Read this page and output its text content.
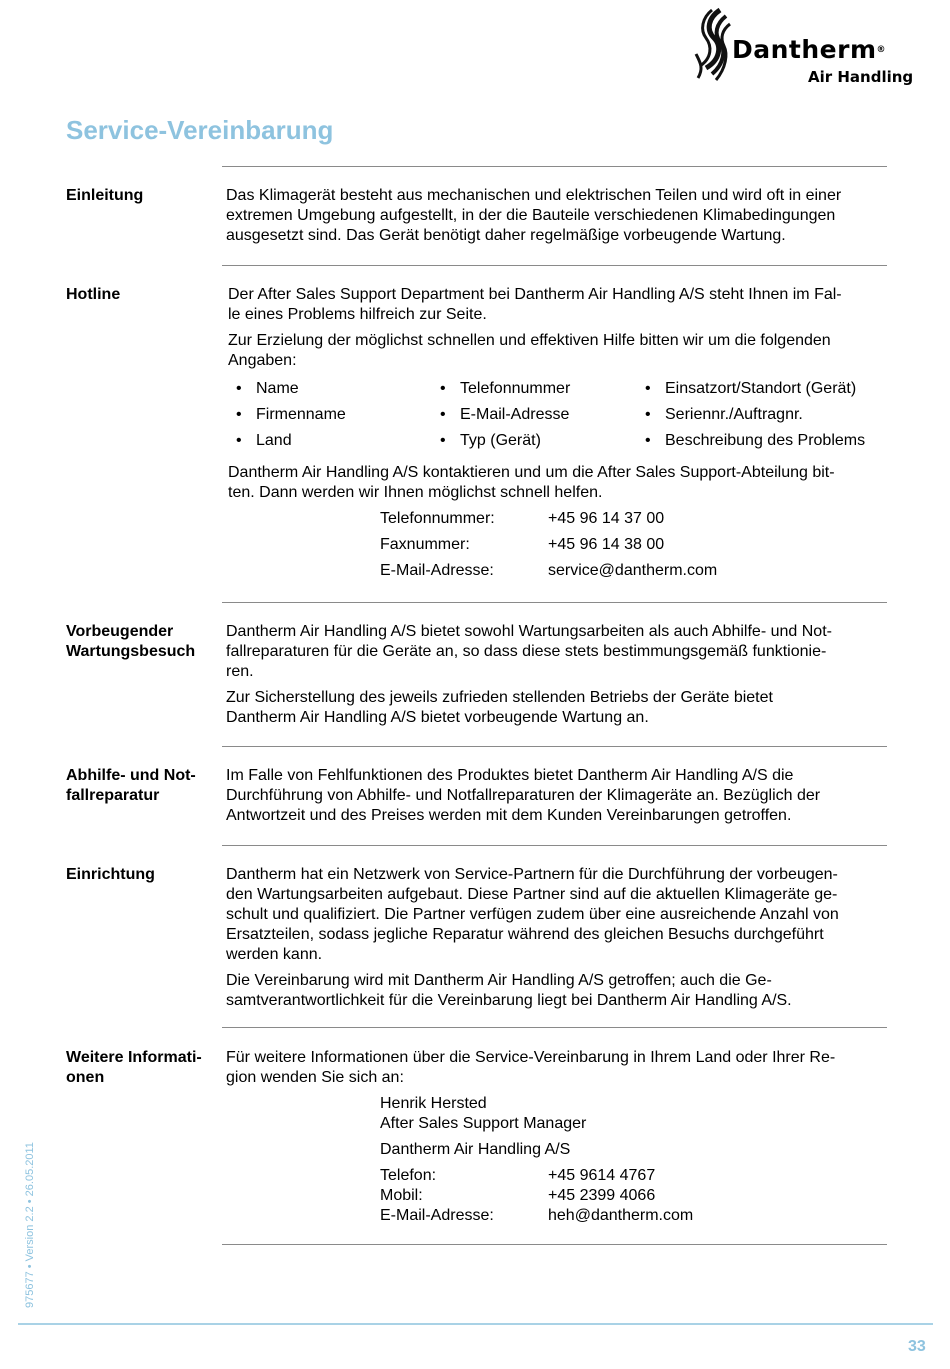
Dantherm®
Air Handling
Service-Vereinbarung
Einleitung	Das Klimagerät besteht aus mechanischen und elektrischen Teilen und wird oft in einer
extremen Umgebung aufgestellt, in der die Bauteile verschiedenen Klimabedingungen
ausgesetzt sind. Das Gerät benötigt daher regelmäßige vorbeugende Wartung.
Hotline	Der After Sales Support Department bei Dantherm Air Handling A/S steht Ihnen im Fal-
le eines Problems hilfreich zur Seite.

Zur Erzielung der möglichst schnellen und effektiven Hilfe bitten wir um die folgenden
Angaben:

• Name
• Firmenname
• Land
• Telefonnummer
• E-Mail-Adresse
• Typ (Gerät)
• Einsatzort/Standort (Gerät)
• Seriennr./Auftragnr.
• Beschreibung des Problems

Dantherm Air Handling A/S kontaktieren und um die After Sales Support-Abteilung bit-
ten. Dann werden wir Ihnen möglichst schnell helfen.

Telefonnummer:	+45 96 14 37 00
Faxnummer:	+45 96 14 38 00
E-Mail-Adresse:	service@dantherm.com
Vorbeugender
Wartungsbesuch

Dantherm Air Handling A/S bietet sowohl Wartungsarbeiten als auch Abhilfe- und Not-
fallreparaturen für die Geräte an, so dass diese stets bestimmungsgemäß funktionie-
ren.

Zur Sicherstellung des jeweils zufrieden stellenden Betriebs der Geräte bietet
Dantherm Air Handling A/S bietet vorbeugende Wartung an.

Abhilfe- und Not-
fallreparatur
Im Falle von Fehlfunktionen des Produktes bietet Dantherm Air Handling A/S die
Durchführung von Abhilfe- und Notfallreparaturen der Klimageräte an. Bezüglich der
Antwortzeit und des Preises werden mit dem Kunden Vereinbarungen getroffen.
Einrichtung	Dantherm hat ein Netzwerk von Service-Partnern für die Durchführung der vorbeugen-
den Wartungsarbeiten aufgebaut. Diese Partner sind auf die aktuellen Klimageräte ge-
schult und qualifiziert. Die Partner verfügen zudem über eine ausreichende Anzahl von
Ersatzteilen, sodass jegliche Reparatur während des gleichen Besuchs durchgeführt
werden kann.

Die Vereinbarung wird mit Dantherm Air Handling A/S getroffen; auch die Ge-
samtverantwortlichkeit für die Vereinbarung liegt bei Dantherm Air Handling A/S.

Weitere Informati-
onen

Für weitere Informationen über die Service-Vereinbarung in Ihrem Land oder Ihrer Re-
gion wenden Sie sich an:

Henrik Hersted
After Sales Support Manager
Dantherm Air Handling A/S
Telefon:	+45 9614 4767
Mobil:	+45 2399 4066
E-Mail-Adresse:	heh@dantherm.com
975677 • Version 2.2 • 26.05.2011
33
